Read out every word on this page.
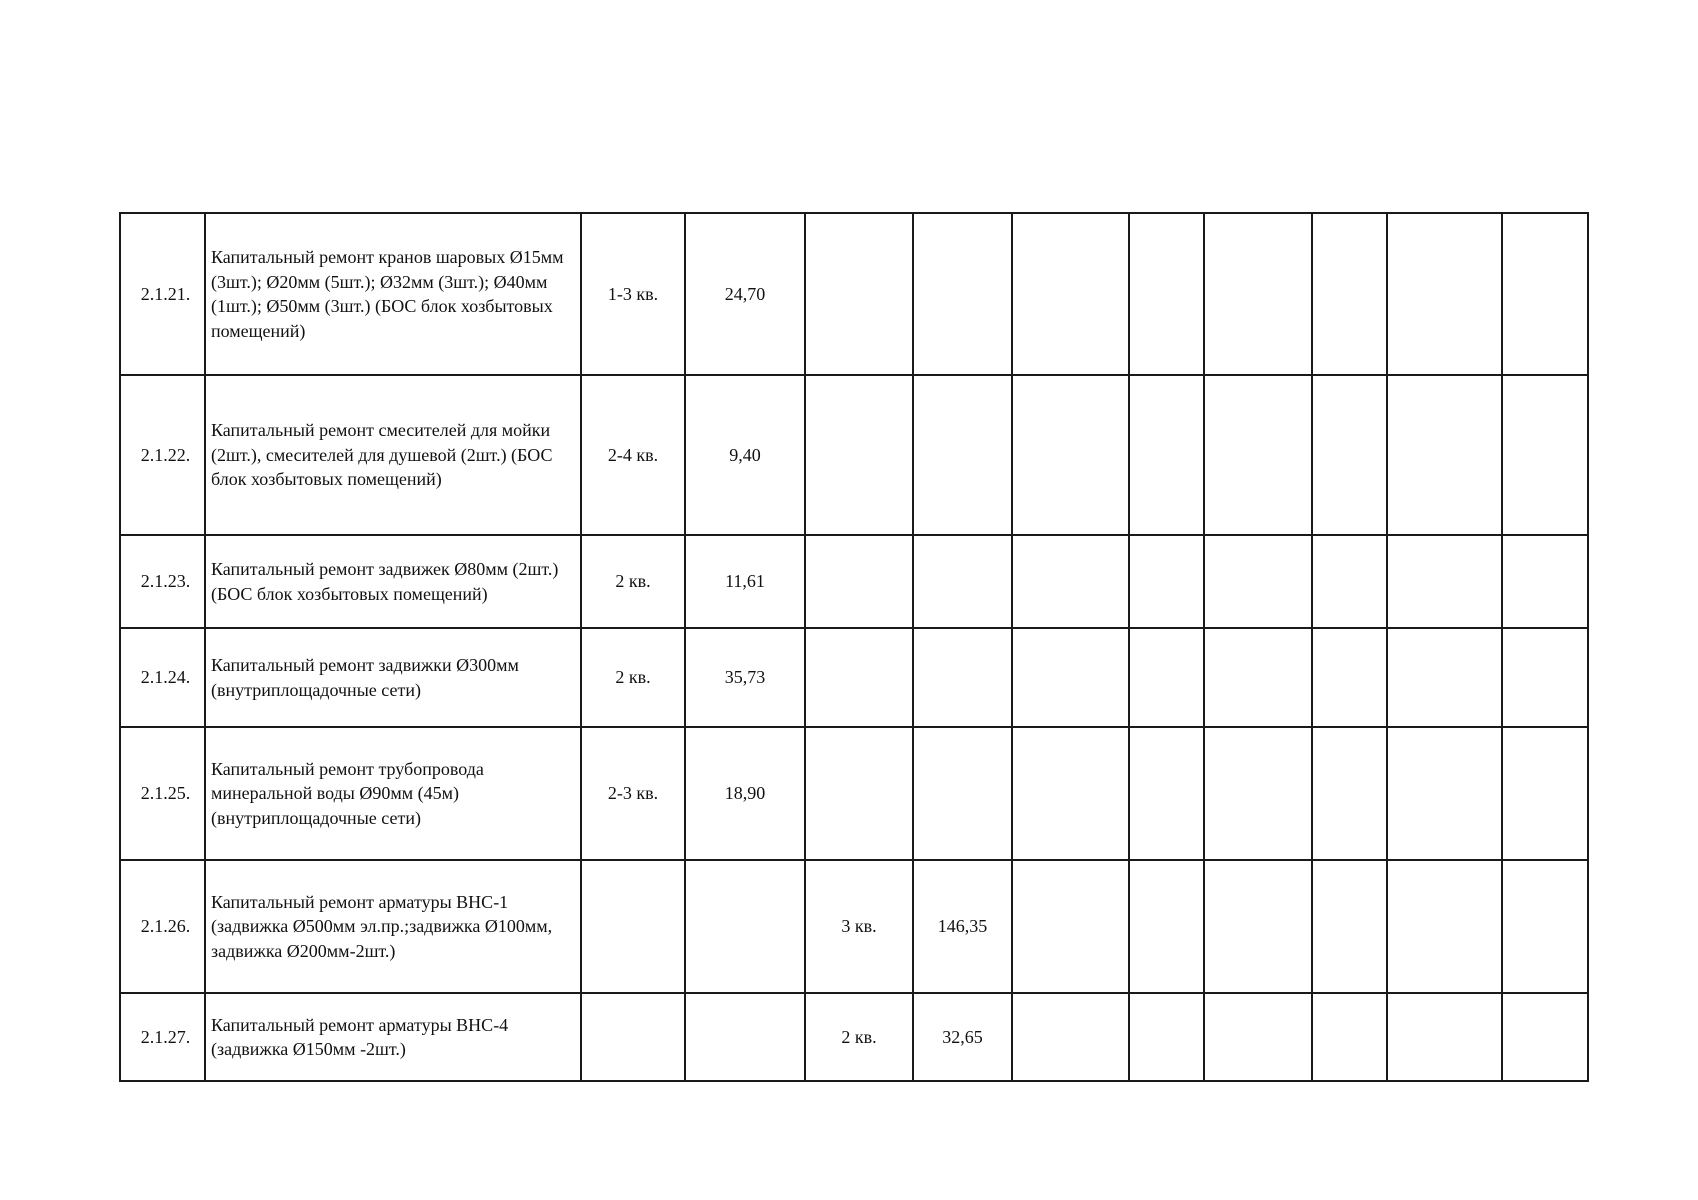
2.1.21.	Капитальный ремонт кранов шаровых Ø15мм (3шт.); Ø20мм (5шт.); Ø32мм (3шт.); Ø40мм (1шт.); Ø50мм (3шт.) (БОС блок хозбытовых помещений)	1-3 кв.	24,70								
2.1.22.	Капитальный ремонт смесителей для мойки (2шт.), смесителей для душевой (2шт.) (БОС блок хозбытовых помещений)	2-4 кв.	9,40								
2.1.23.	Капитальный ремонт задвижек Ø80мм (2шт.) (БОС блок хозбытовых помещений)	2 кв.	11,61								
2.1.24.	Капитальный ремонт задвижки Ø300мм (внутриплощадочные сети)	2 кв.	35,73								
2.1.25.	Капитальный ремонт трубопровода минеральной воды Ø90мм (45м) (внутриплощадочные сети)	2-3 кв.	18,90								
2.1.26.	Капитальный ремонт арматуры ВНС-1 (задвижка Ø500мм эл.пр.;задвижка Ø100мм, задвижка Ø200мм-2шт.)			3 кв.	146,35						
2.1.27.	Капитальный ремонт арматуры ВНС-4 (задвижка Ø150мм -2шт.)			2 кв.	32,65						
